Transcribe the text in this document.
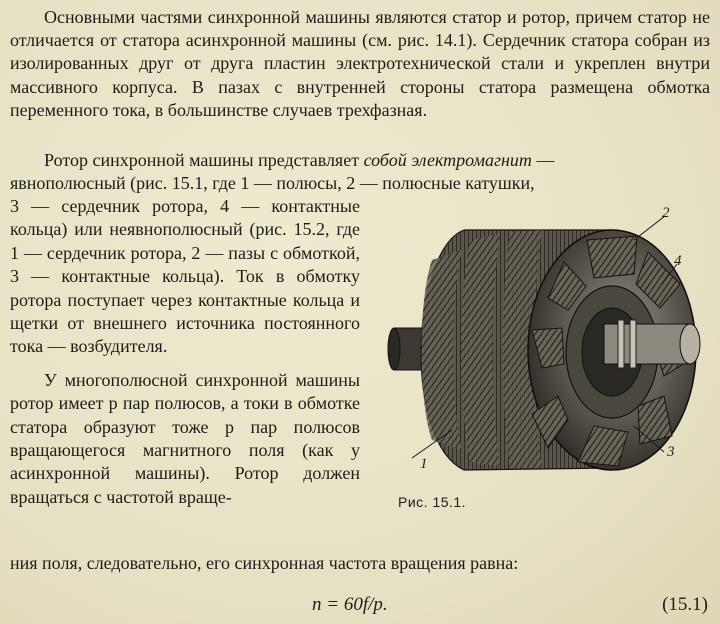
Основными частями синхронной машины являются статор и ротор, причем статор не отличается от статора асинхронной машины (см. рис. 14.1). Сердечник статора собран из изолированных друг от друга пластин электротехнической стали и укреплен внутри массивного корпуса. В пазах с внутренней стороны статора размещена обмотка переменного тока, в большинстве случаев трехфазная.

Ротор синхронной машины представляет собой электромагнит —
явнополюсный (рис. 15.1, где 1 — полюсы, 2 — полюсные катушки,

3 — сердечник ротора, 4 — контактные кольца) или неявнополюсный (рис. 15.2, где 1 — сердечник ротора, 2 — пазы с обмоткой, 3 — контактные кольца). Ток в обмотку ротора поступает через контактные кольца и щетки от внешнего источника постоянного тока — возбудителя.

У многополюсной синхронной машины ротор имеет p пар полюсов, а токи в обмотке статора образуют тоже p пар полюсов вращающегося магнитного поля (как у асинхронной машины). Ротор должен вращаться с частотой враще-

ния поля, следовательно, его синхронная частота вращения равна:

n = 60f/p.	(15.1)
1
2
3
4
Рис. 15.1.
